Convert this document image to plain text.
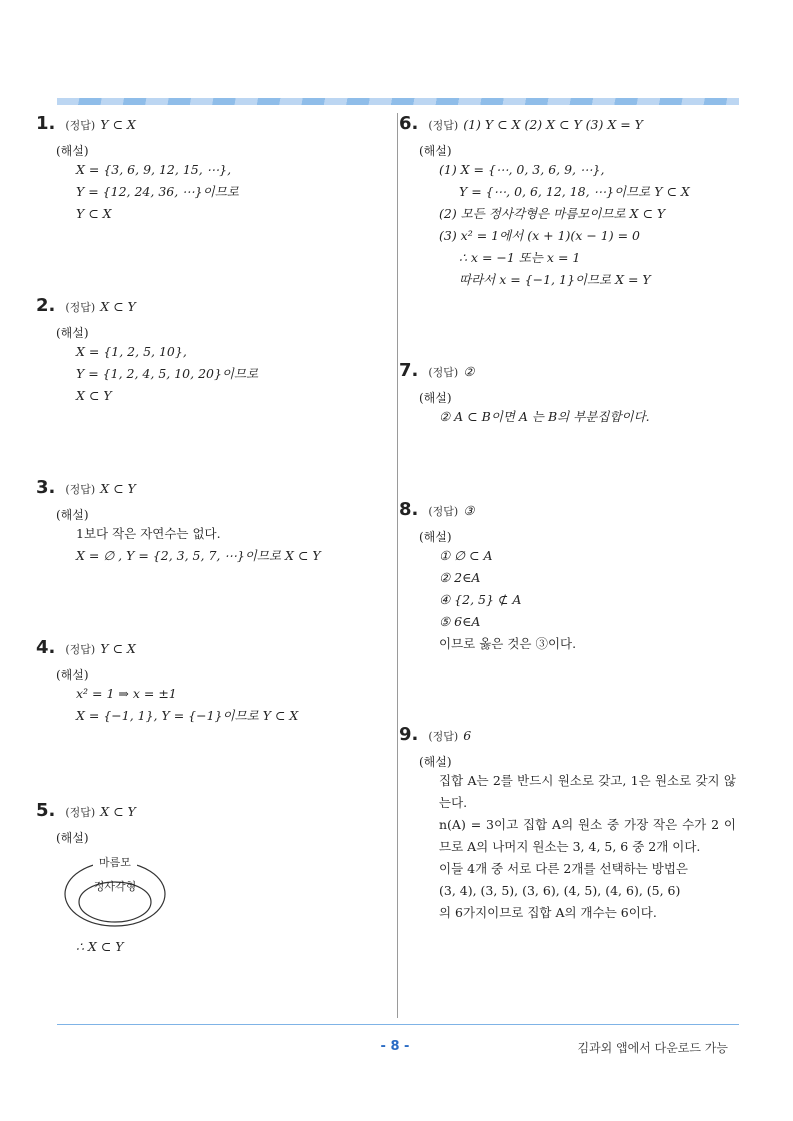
1. (정답) Y ⊂ X
(해설)
X = {3, 6, 9, 12, 15, ⋯},
Y = {12, 24, 36, ⋯}이므로
Y ⊂ X
2. (정답) X ⊂ Y
(해설)
X = {1, 2, 5, 10},
Y = {1, 2, 4, 5, 10, 20}이므로
X ⊂ Y
3. (정답) X ⊂ Y
(해설)
1보다 작은 자연수는 없다.
X = ∅ , Y = {2, 3, 5, 7, ⋯}이므로 X ⊂ Y
4. (정답) Y ⊂ X
(해설)
x² = 1 ⇒ x = ±1
X = {−1, 1}, Y = {−1}이므로 Y ⊂ X
5. (정답) X ⊂ Y
(해설)
마름모
정사각형
∴ X ⊂ Y
6. (정답) (1) Y ⊂ X (2) X ⊂ Y (3) X = Y
(해설)
(1) X = {⋯, 0, 3, 6, 9, ⋯},
Y = {⋯, 0, 6, 12, 18, ⋯}이므로 Y ⊂ X
(2) 모든 정사각형은 마름모이므로 X ⊂ Y
(3) x² = 1에서 (x + 1)(x − 1) = 0
∴ x = −1 또는 x = 1
따라서 x = {−1, 1}이므로 X = Y
7. (정답) ②
(해설)
② A ⊂ B이면 A 는 B의 부분집합이다.
8. (정답) ③
(해설)
① ∅ ⊂ A
② 2∈A
④ {2, 5} ⊄ A
⑤ 6∈A
이므로 옳은 것은 ③이다.
9. (정답) 6
(해설)
집합 A는 2를 반드시 원소로 갖고, 1은 원소로 갖지 않는다.
n(A) = 3이고 집합 A의 원소 중 가장 작은 수가 2 이므로 A의 나머지 원소는 3, 4, 5, 6 중 2개 이다.
이들 4개 중 서로 다른 2개를 선택하는 방법은
(3, 4), (3, 5), (3, 6), (4, 5), (4, 6), (5, 6)
의 6가지이므로 집합 A의 개수는 6이다.
- 8 -	김과외 앱에서 다운로드 가능
